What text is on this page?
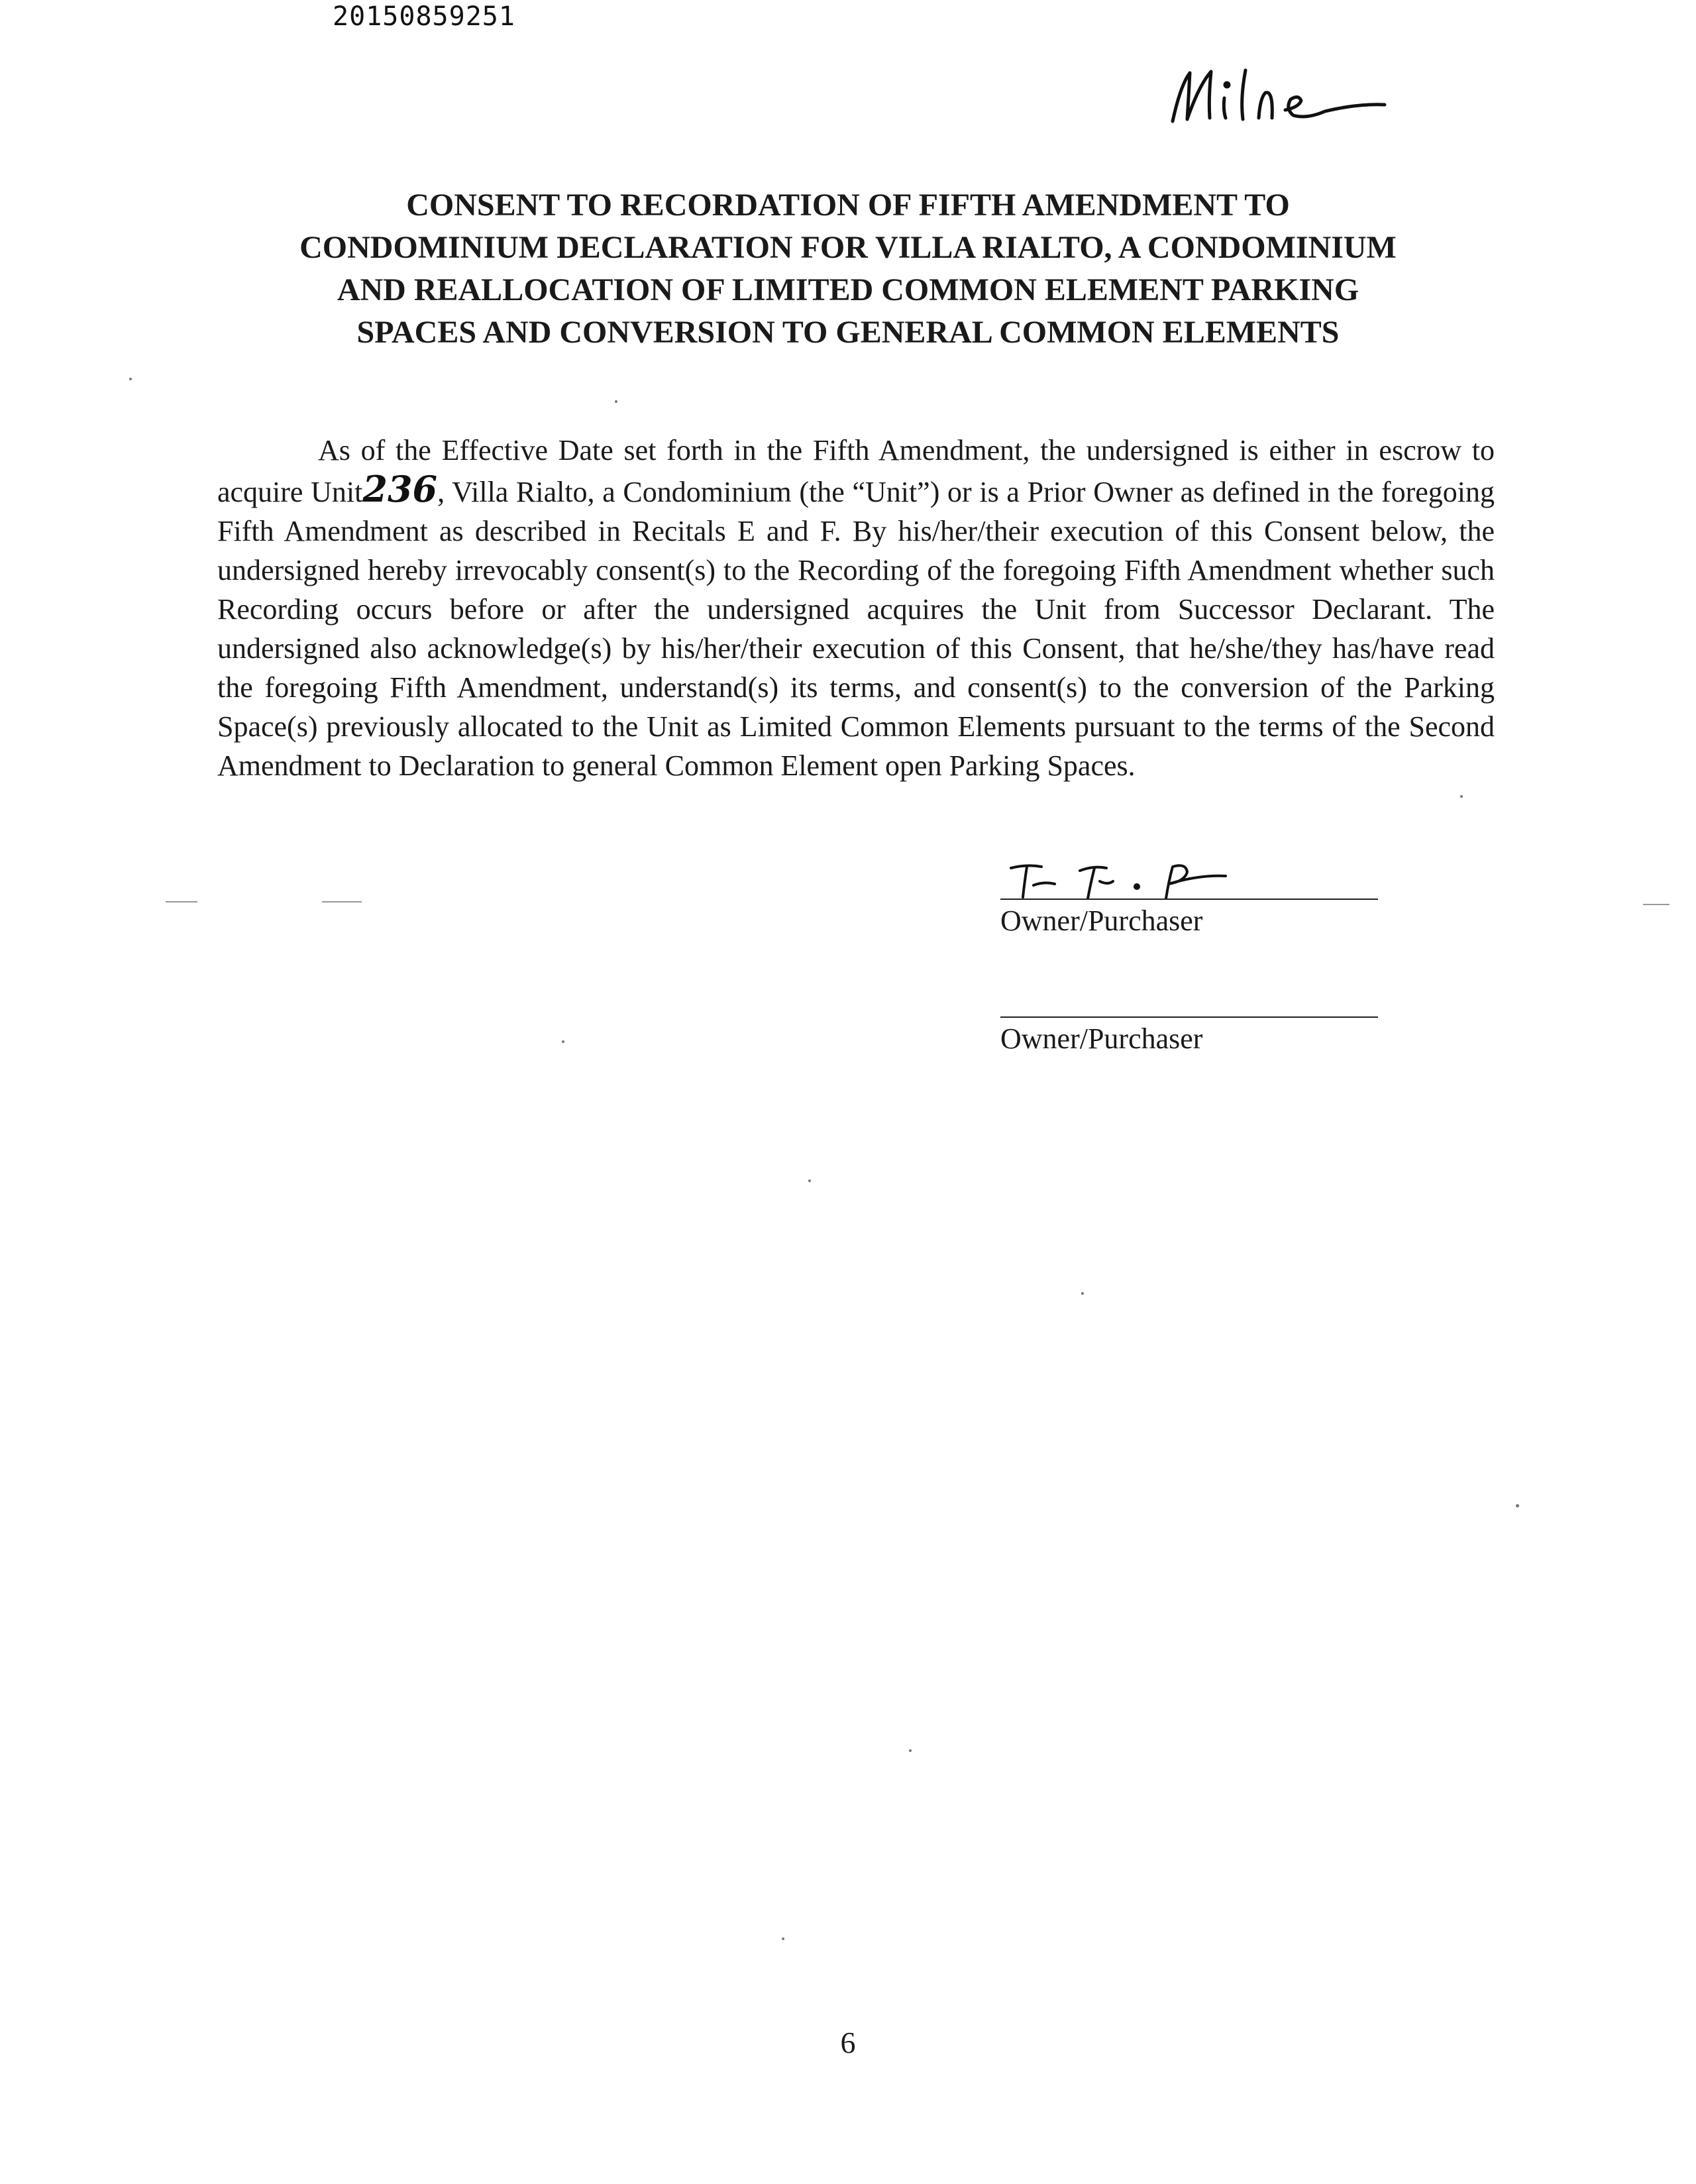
20150859251
CONSENT TO RECORDATION OF FIFTH AMENDMENT TO
CONDOMINIUM DECLARATION FOR VILLA RIALTO, A CONDOMINIUM
AND REALLOCATION OF LIMITED COMMON ELEMENT PARKING
SPACES AND CONVERSION TO GENERAL COMMON ELEMENTS

As of the Effective Date set forth in the Fifth Amendment, the undersigned is either in escrow to acquire Unit236, Villa Rialto, a Condominium (the “Unit”) or is a Prior Owner as defined in the foregoing Fifth Amendment as described in Recitals E and F. By his/her/their execution of this Consent below, the undersigned hereby irrevocably consent(s) to the Recording of the foregoing Fifth Amendment whether such Recording occurs before or after the undersigned acquires the Unit from Successor Declarant. The undersigned also acknowledge(s) by his/her/their execution of this Consent, that he/she/they has/have read the foregoing Fifth Amendment, understand(s) its terms, and consent(s) to the conversion of the Parking Space(s) previously allocated to the Unit as Limited Common Elements pursuant to the terms of the Second Amendment to Declaration to general Common Element open Parking Spaces.

Owner/Purchaser
Owner/Purchaser
6
